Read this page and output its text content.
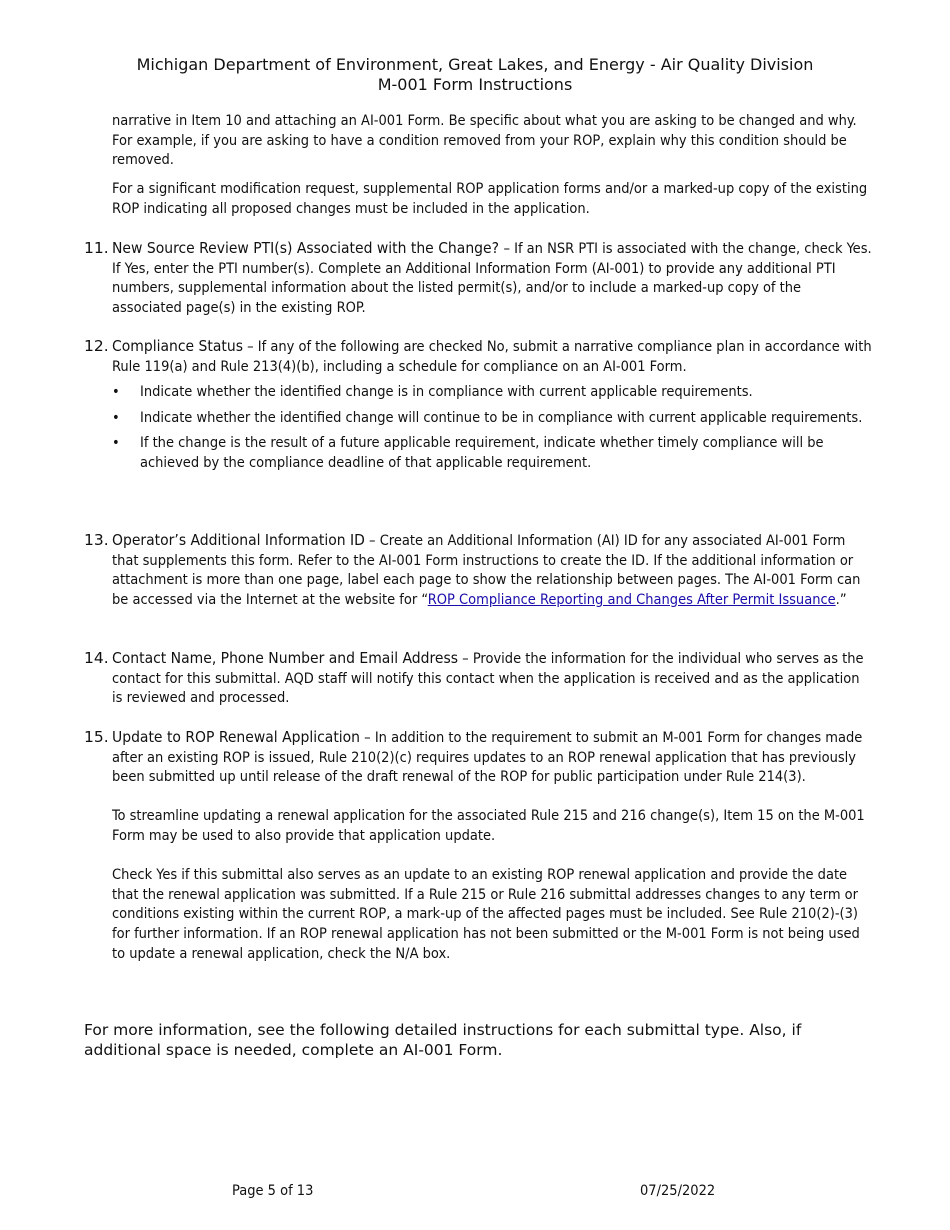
Michigan Department of Environment, Great Lakes, and Energy - Air Quality Division
M-001 Form Instructions
narrative in Item 10 and attaching an AI-001 Form. Be specific about what you are asking to be changed and why. For example, if you are asking to have a condition removed from your ROP, explain why this condition should be removed.
For a significant modification request, supplemental ROP application forms and/or a marked-up copy of the existing ROP indicating all proposed changes must be included in the application.
11. New Source Review PTI(s) Associated with the Change? – If an NSR PTI is associated with the change, check Yes. If Yes, enter the PTI number(s). Complete an Additional Information Form (AI-001) to provide any additional PTI numbers, supplemental information about the listed permit(s), and/or to include a marked-up copy of the associated page(s) in the existing ROP.
12. Compliance Status – If any of the following are checked No, submit a narrative compliance plan in accordance with Rule 119(a) and Rule 213(4)(b), including a schedule for compliance on an AI-001 Form.
• Indicate whether the identified change is in compliance with current applicable requirements.
• Indicate whether the identified change will continue to be in compliance with current applicable requirements.
• If the change is the result of a future applicable requirement, indicate whether timely compliance will be achieved by the compliance deadline of that applicable requirement.
13. Operator’s Additional Information ID – Create an Additional Information (AI) ID for any associated AI-001 Form that supplements this form. Refer to the AI-001 Form instructions to create the ID. If the additional information or attachment is more than one page, label each page to show the relationship between pages. The AI-001 Form can be accessed via the Internet at the website for “ROP Compliance Reporting and Changes After Permit Issuance.”
14. Contact Name, Phone Number and Email Address – Provide the information for the individual who serves as the contact for this submittal. AQD staff will notify this contact when the application is received and as the application is reviewed and processed.
15. Update to ROP Renewal Application – In addition to the requirement to submit an M-001 Form for changes made after an existing ROP is issued, Rule 210(2)(c) requires updates to an ROP renewal application that has previously been submitted up until release of the draft renewal of the ROP for public participation under Rule 214(3).
To streamline updating a renewal application for the associated Rule 215 and 216 change(s), Item 15 on the M-001 Form may be used to also provide that application update.
Check Yes if this submittal also serves as an update to an existing ROP renewal application and provide the date that the renewal application was submitted. If a Rule 215 or Rule 216 submittal addresses changes to any term or conditions existing within the current ROP, a mark-up of the affected pages must be included. See Rule 210(2)-(3) for further information. If an ROP renewal application has not been submitted or the M-001 Form is not being used to update a renewal application, check the N/A box.
For more information, see the following detailed instructions for each submittal type. Also, if additional space is needed, complete an AI-001 Form.
Page 5 of 13	07/25/2022
